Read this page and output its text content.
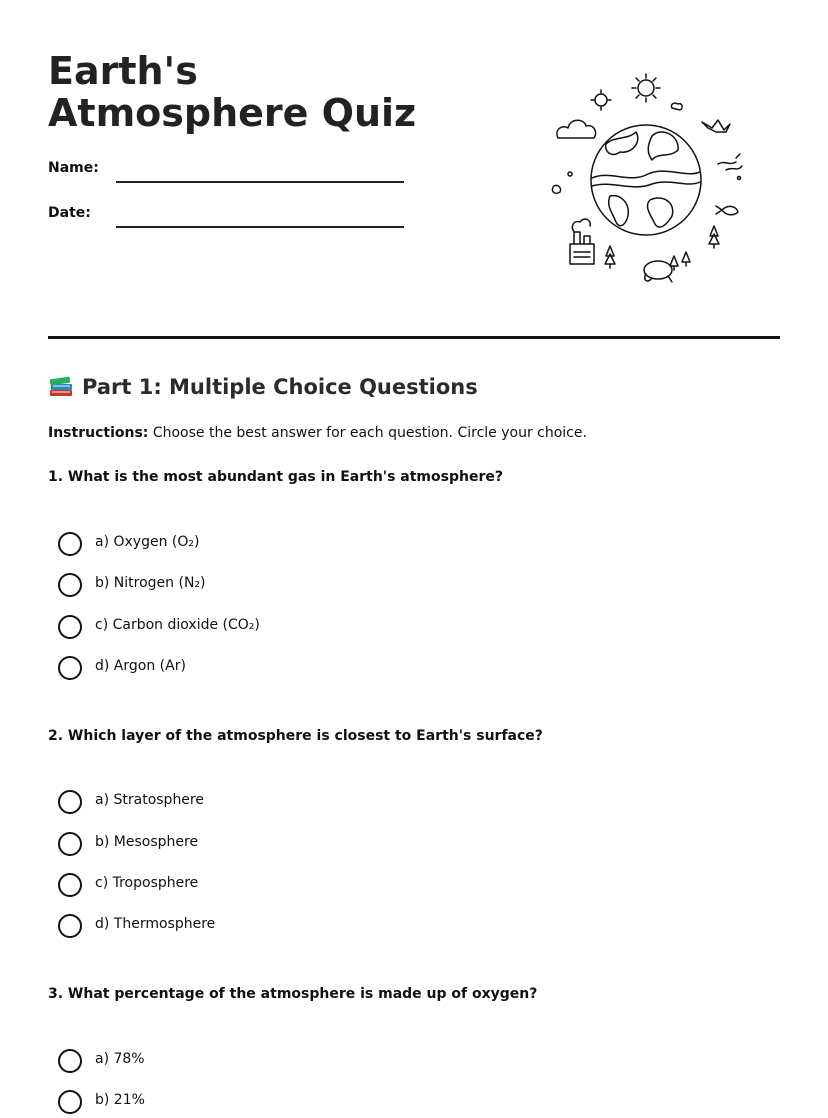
Earth's Atmosphere Quiz
Name:
Date:
Part 1: Multiple Choice Questions
Instructions: Choose the best answer for each question. Circle your choice.
1. What is the most abundant gas in Earth's atmosphere?
a) Oxygen (O₂)
b) Nitrogen (N₂)
c) Carbon dioxide (CO₂)
d) Argon (Ar)
2. Which layer of the atmosphere is closest to Earth's surface?
a) Stratosphere
b) Mesosphere
c) Troposphere
d) Thermosphere
3. What percentage of the atmosphere is made up of oxygen?
a) 78%
b) 21%
